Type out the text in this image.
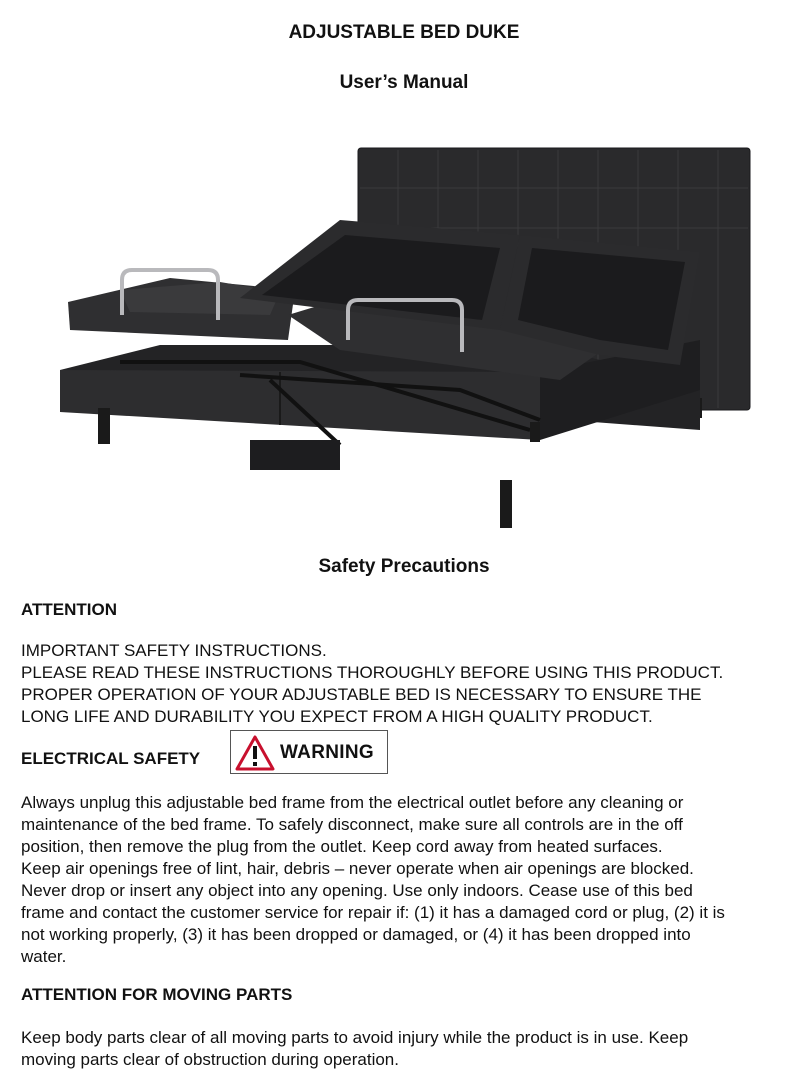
ADJUSTABLE BED DUKE
User’s Manual
Safety Precautions
ATTENTION
IMPORTANT SAFETY INSTRUCTIONS.
PLEASE READ THESE INSTRUCTIONS THOROUGHLY BEFORE USING THIS PRODUCT.
PROPER OPERATION OF YOUR ADJUSTABLE BED IS NECESSARY TO ENSURE THE
LONG LIFE AND DURABILITY YOU EXPECT FROM A HIGH QUALITY PRODUCT.
ELECTRICAL SAFETY	WARNING
Always unplug this adjustable bed frame from the electrical outlet before any cleaning or
maintenance of the bed frame. To safely disconnect, make sure all controls are in the off
position, then remove the plug from the outlet. Keep cord away from heated surfaces.
Keep air openings free of lint, hair, debris – never operate when air openings are blocked.
Never drop or insert any object into any opening. Use only indoors. Cease use of this bed
frame and contact the customer service for repair if: (1) it has a damaged cord or plug, (2) it is
not working properly, (3) it has been dropped or damaged, or (4) it has been dropped into
water.
ATTENTION FOR MOVING PARTS
Keep body parts clear of all moving parts to avoid injury while the product is in use. Keep
moving parts clear of obstruction during operation.
